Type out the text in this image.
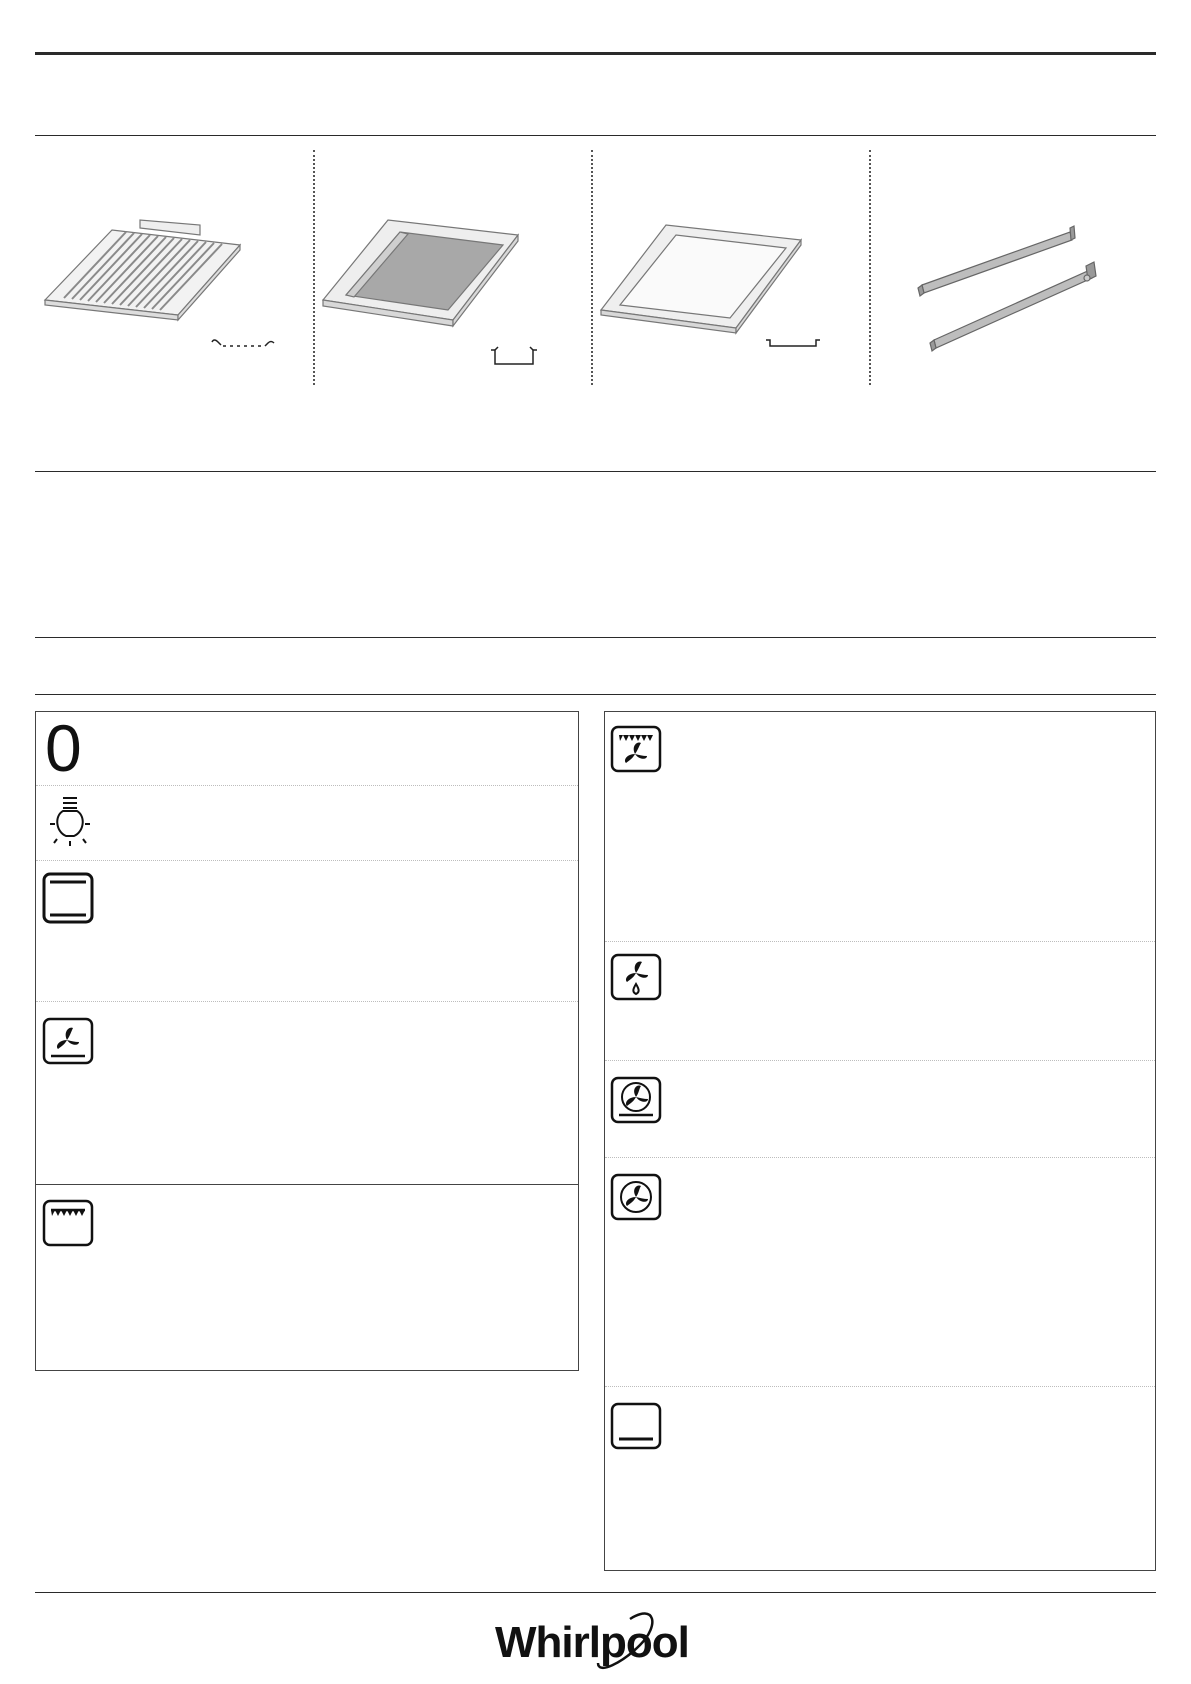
0
Whirlpool
